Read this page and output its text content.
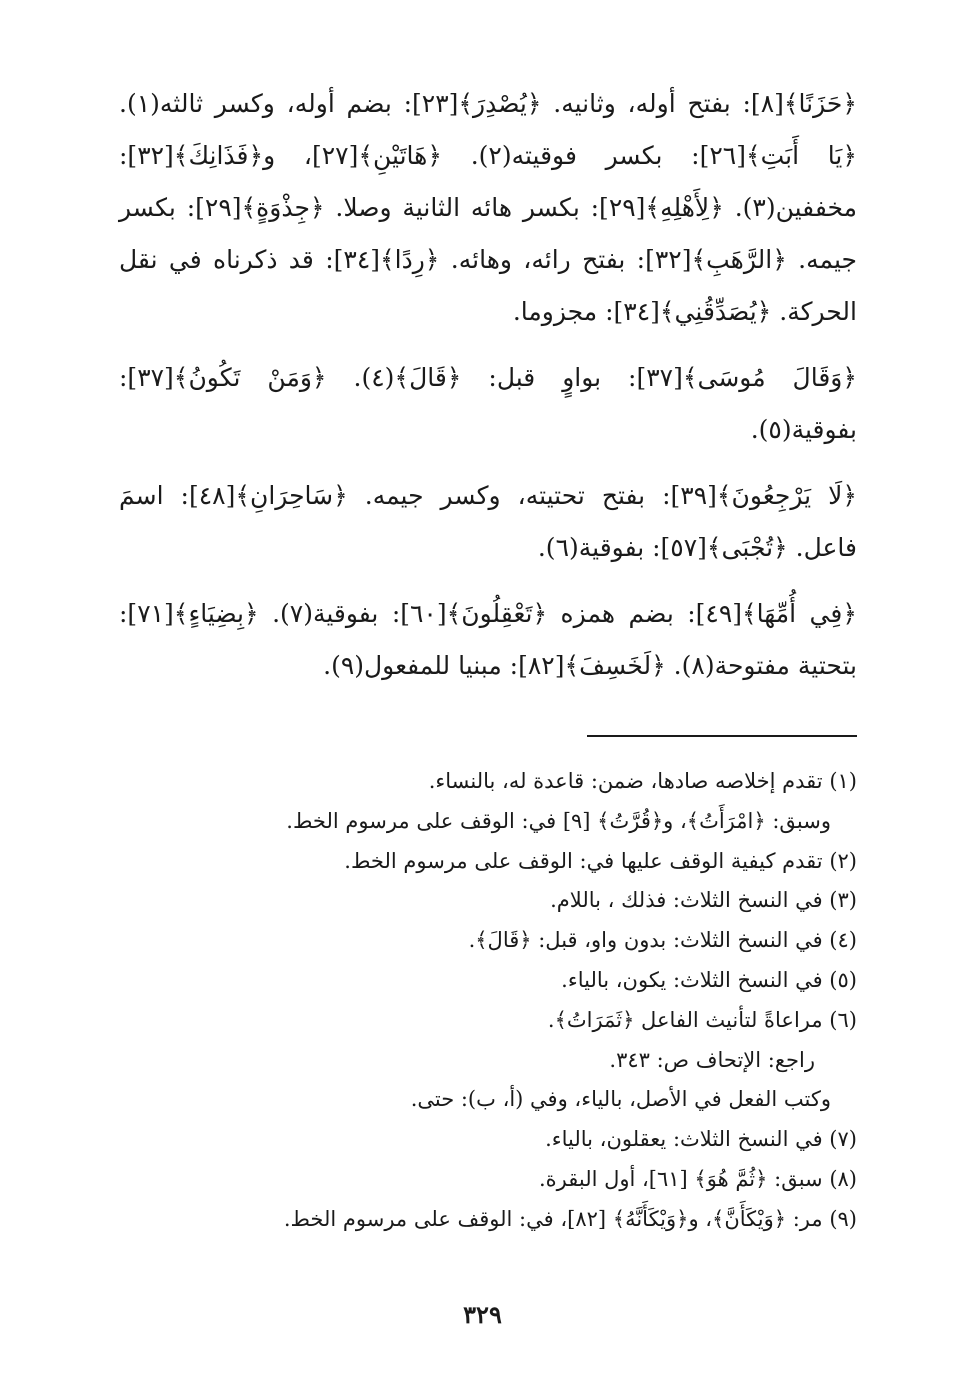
﴿حَزَنًا﴾[٨]: بفتح أوله، وثانيه. ﴿يُصْدِرَ﴾[٢٣]: بضم أوله، وكسر ثالثه(١). ﴿يَا أَبَتِ﴾[٢٦]: بكسر فوقيته(٢). ﴿هَاتَيْنِ﴾[٢٧]، و﴿فَذَانِكَ﴾[٣٢]: مخففين(٣). ﴿لِأَهْلِهِ﴾[٢٩]: بكسر هائه الثانية وصلا. ﴿جِذْوَةٍ﴾[٢٩]: بكسر جيمه. ﴿الرَّهَبِ﴾[٣٢]: بفتح رائه، وهائه. ﴿رِدًا﴾[٣٤]: قد ذكرناه في نقل الحركة. ﴿يُصَدِّقُنِي﴾[٣٤]: مجزوما.

﴿وَقَالَ مُوسَى﴾[٣٧]: بواوٍ قبل: ﴿قَالَ﴾(٤). ﴿وَمَنْ تَكُونُ﴾[٣٧]: بفوقية(٥).

﴿لَا يَرْجِعُونَ﴾[٣٩]: بفتح تحتيته، وكسر جيمه. ﴿سَاحِرَانِ﴾[٤٨]: اسمَ فاعل. ﴿تُجْبَى﴾[٥٧]: بفوقية(٦).

﴿فِي أُمِّهَا﴾[٤٩]: بضم همزه ﴿تَعْقِلُونَ﴾[٦٠]: بفوقية(٧). ﴿بِضِيَاءٍ﴾[٧١]: بتحتية مفتوحة(٨). ﴿لَخَسِفَ﴾[٨٢]: مبنيا للمفعول(٩).

(١) تقدم إخلاصه صادها، ضمن: قاعدة له، بالنساء.

وسبق: ﴿امْرَأَتُ﴾، و﴿قُرَّتُ﴾ [٩] في: الوقف على مرسوم الخط.

(٢) تقدم كيفية الوقف عليها في: الوقف على مرسوم الخط.

(٣) في النسخ الثلاث: فذلك ، باللام.

(٤) في النسخ الثلاث: بدون واو، قبل: ﴿قَالَ﴾.

(٥) في النسخ الثلاث: يكون، بالياء.

(٦) مراعاةً لتأنيث الفاعل ﴿ثَمَرَاتُ﴾.

راجع: الإتحاف ص: ٣٤٣.

وكتب الفعل في الأصل، بالياء، وفي (أ، ب): حتى.

(٧) في النسخ الثلاث: يعقلون، بالياء.

(٨) سبق: ﴿ثُمَّ هُوَ﴾ [٦١]، أول البقرة.

(٩) مر: ﴿وَيْكَأَنَّ﴾، و﴿وَيْكَأَنَّهُ﴾ [٨٢]، في: الوقف على مرسوم الخط.

٣٢٩
